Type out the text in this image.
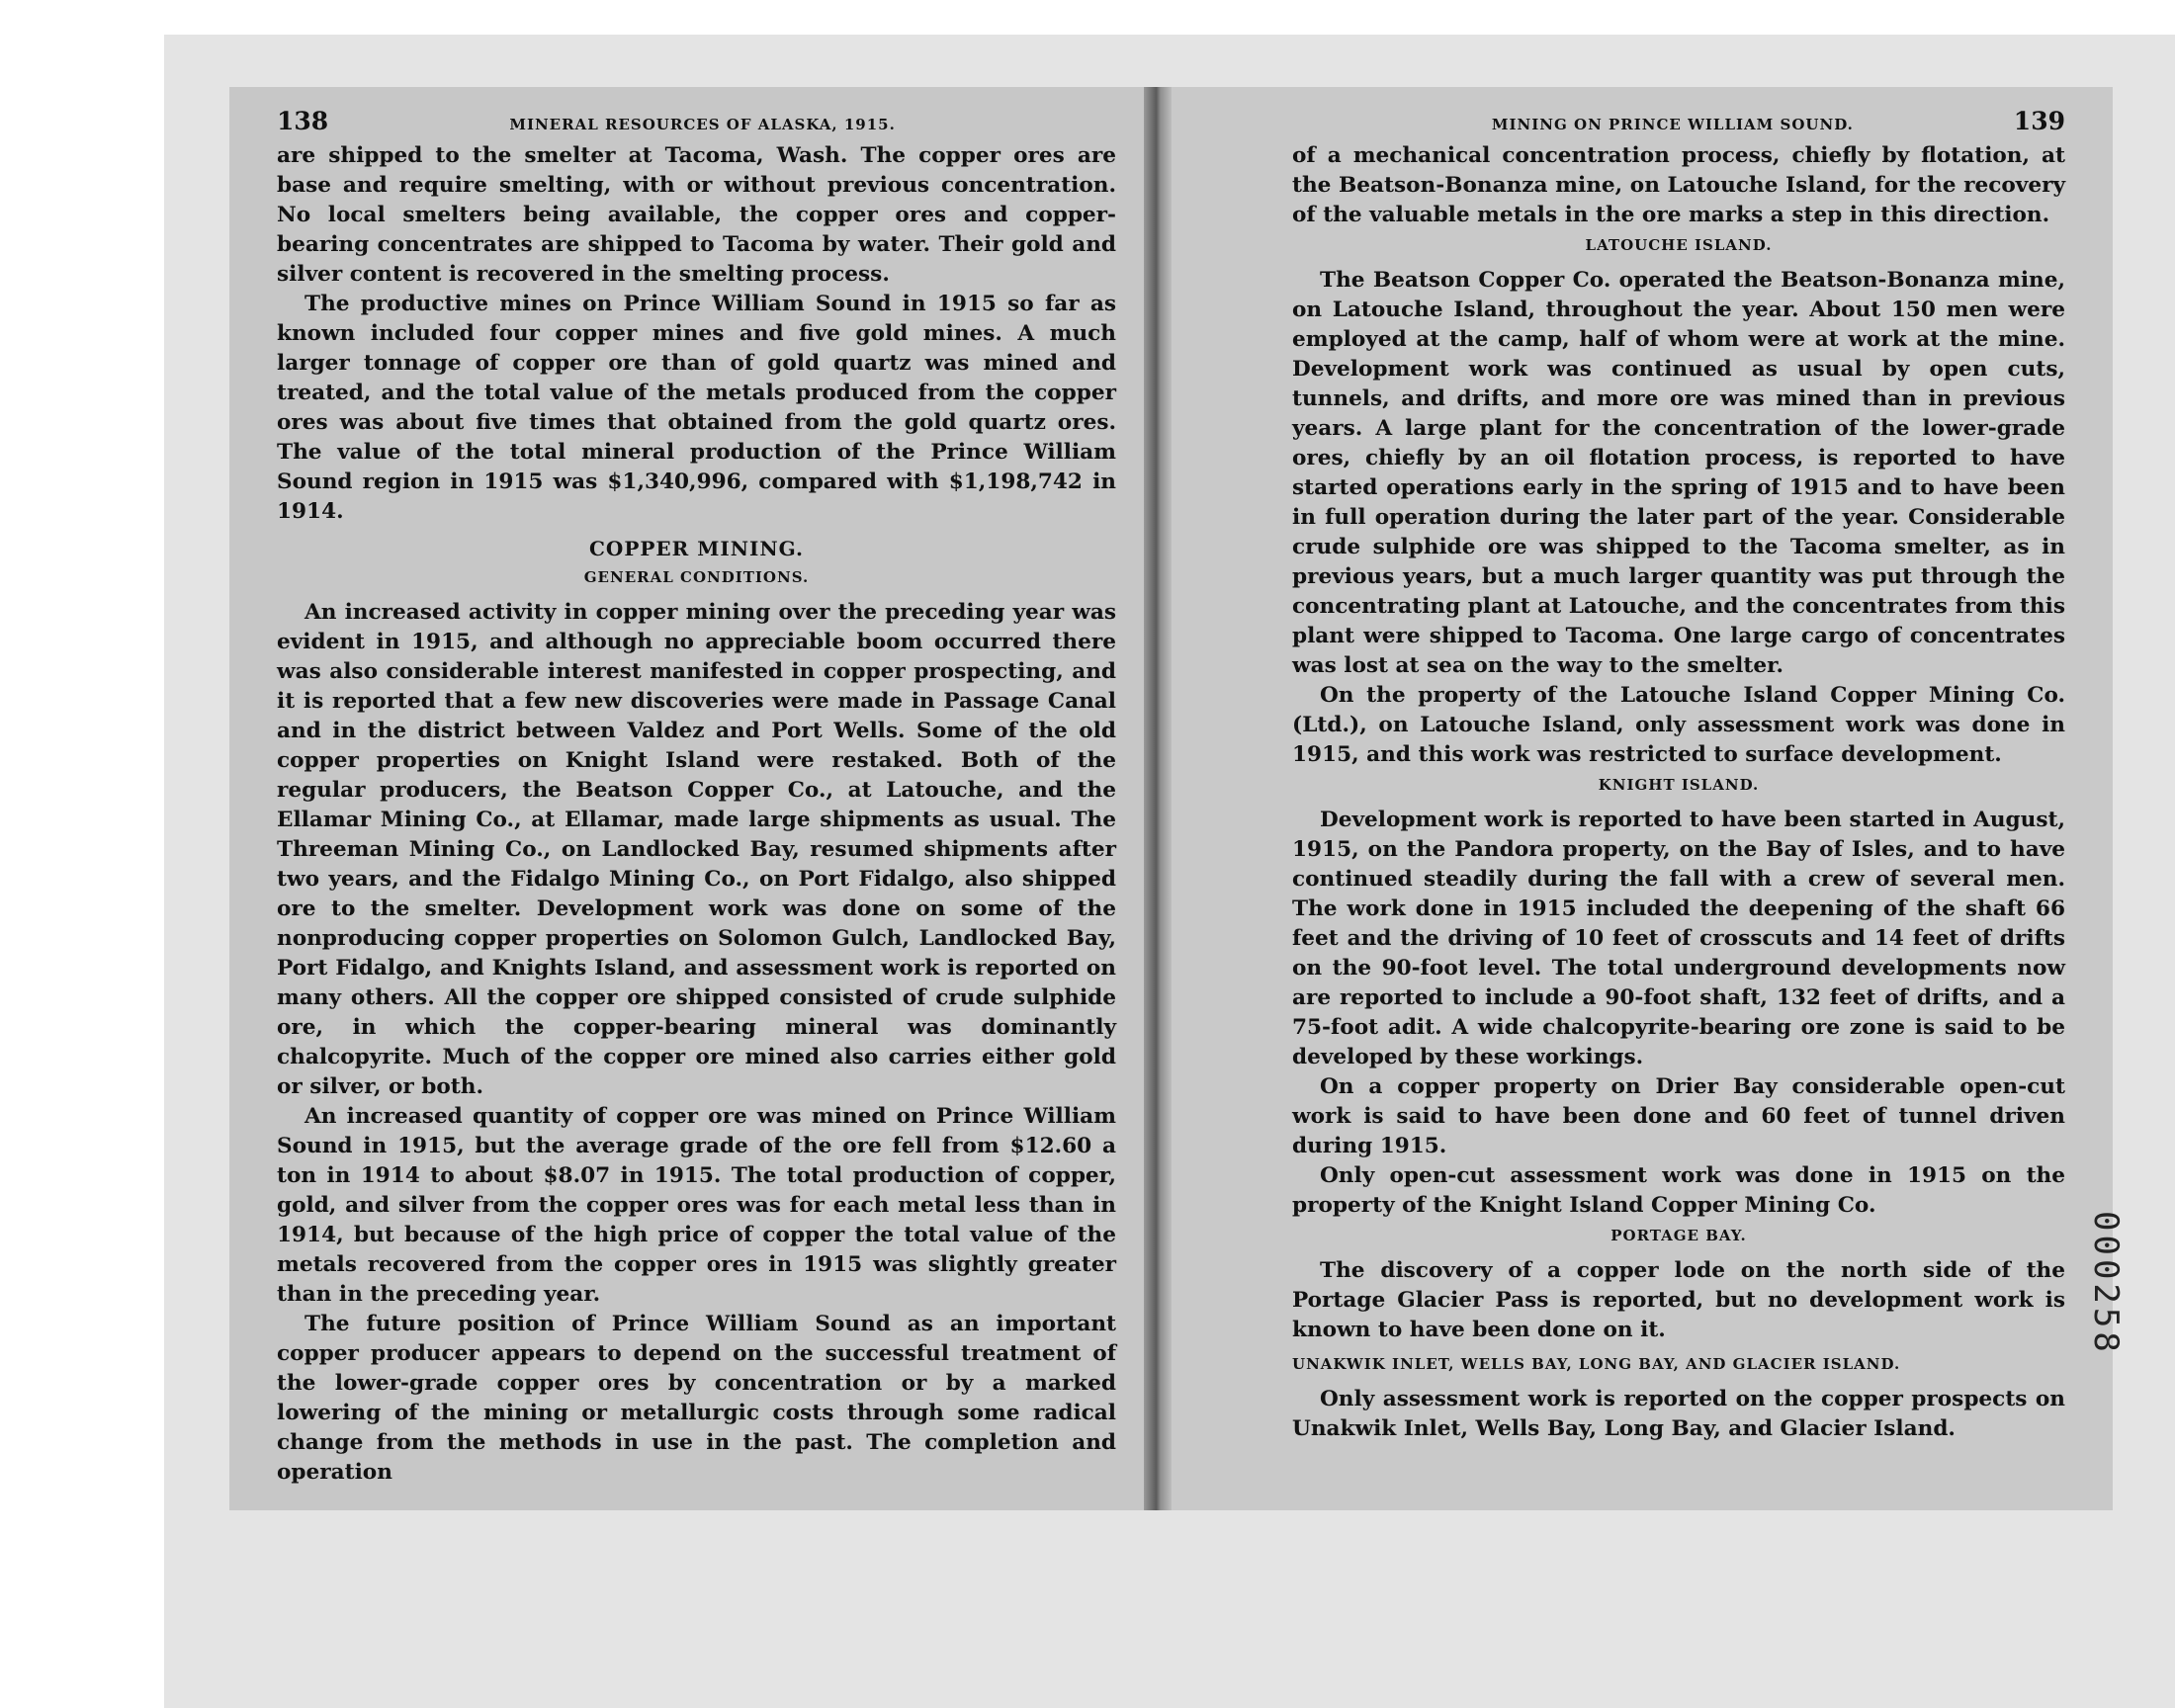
138	MINERAL RESOURCES OF ALASKA, 1915.

are shipped to the smelter at Tacoma, Wash. The copper ores are base and require smelting, with or without previous concentration. No local smelters being available, the copper ores and copper-bearing concentrates are shipped to Tacoma by water. Their gold and silver content is recovered in the smelting process.

The productive mines on Prince William Sound in 1915 so far as known included four copper mines and five gold mines. A much larger tonnage of copper ore than of gold quartz was mined and treated, and the total value of the metals produced from the copper ores was about five times that obtained from the gold quartz ores. The value of the total mineral production of the Prince William Sound region in 1915 was $1,340,996, compared with $1,198,742 in 1914.

COPPER MINING.
GENERAL CONDITIONS.

An increased activity in copper mining over the preceding year was evident in 1915, and although no appreciable boom occurred there was also considerable interest manifested in copper prospecting, and it is reported that a few new discoveries were made in Passage Canal and in the district between Valdez and Port Wells. Some of the old copper properties on Knight Island were restaked. Both of the regular producers, the Beatson Copper Co., at Latouche, and the Ellamar Mining Co., at Ellamar, made large shipments as usual. The Threeman Mining Co., on Landlocked Bay, resumed shipments after two years, and the Fidalgo Mining Co., on Port Fidalgo, also shipped ore to the smelter. Development work was done on some of the nonproducing copper properties on Solomon Gulch, Landlocked Bay, Port Fidalgo, and Knights Island, and assessment work is reported on many others. All the copper ore shipped consisted of crude sulphide ore, in which the copper-bearing mineral was dominantly chalcopyrite. Much of the copper ore mined also carries either gold or silver, or both.

An increased quantity of copper ore was mined on Prince William Sound in 1915, but the average grade of the ore fell from $12.60 a ton in 1914 to about $8.07 in 1915. The total production of copper, gold, and silver from the copper ores was for each metal less than in 1914, but because of the high price of copper the total value of the metals recovered from the copper ores in 1915 was slightly greater than in the preceding year.

The future position of Prince William Sound as an important copper producer appears to depend on the successful treatment of the lower-grade copper ores by concentration or by a marked lowering of the mining or metallurgic costs through some radical change from the methods in use in the past. The completion and operation

MINING ON PRINCE WILLIAM SOUND.	139

of a mechanical concentration process, chiefly by flotation, at the Beatson-Bonanza mine, on Latouche Island, for the recovery of the valuable metals in the ore marks a step in this direction.

LATOUCHE ISLAND.

The Beatson Copper Co. operated the Beatson-Bonanza mine, on Latouche Island, throughout the year. About 150 men were employed at the camp, half of whom were at work at the mine. Development work was continued as usual by open cuts, tunnels, and drifts, and more ore was mined than in previous years. A large plant for the concentration of the lower-grade ores, chiefly by an oil flotation process, is reported to have started operations early in the spring of 1915 and to have been in full operation during the later part of the year. Considerable crude sulphide ore was shipped to the Tacoma smelter, as in previous years, but a much larger quantity was put through the concentrating plant at Latouche, and the concentrates from this plant were shipped to Tacoma. One large cargo of concentrates was lost at sea on the way to the smelter.

On the property of the Latouche Island Copper Mining Co. (Ltd.), on Latouche Island, only assessment work was done in 1915, and this work was restricted to surface development.

KNIGHT ISLAND.

Development work is reported to have been started in August, 1915, on the Pandora property, on the Bay of Isles, and to have continued steadily during the fall with a crew of several men. The work done in 1915 included the deepening of the shaft 66 feet and the driving of 10 feet of crosscuts and 14 feet of drifts on the 90-foot level. The total underground developments now are reported to include a 90-foot shaft, 132 feet of drifts, and a 75-foot adit. A wide chalcopyrite-bearing ore zone is said to be developed by these workings.

On a copper property on Drier Bay considerable open-cut work is said to have been done and 60 feet of tunnel driven during 1915.

Only open-cut assessment work was done in 1915 on the property of the Knight Island Copper Mining Co.

PORTAGE BAY.

The discovery of a copper lode on the north side of the Portage Glacier Pass is reported, but no development work is known to have been done on it.

UNAKWIK INLET, WELLS BAY, LONG BAY, AND GLACIER ISLAND.

Only assessment work is reported on the copper prospects on Unakwik Inlet, Wells Bay, Long Bay, and Glacier Island.

000258
